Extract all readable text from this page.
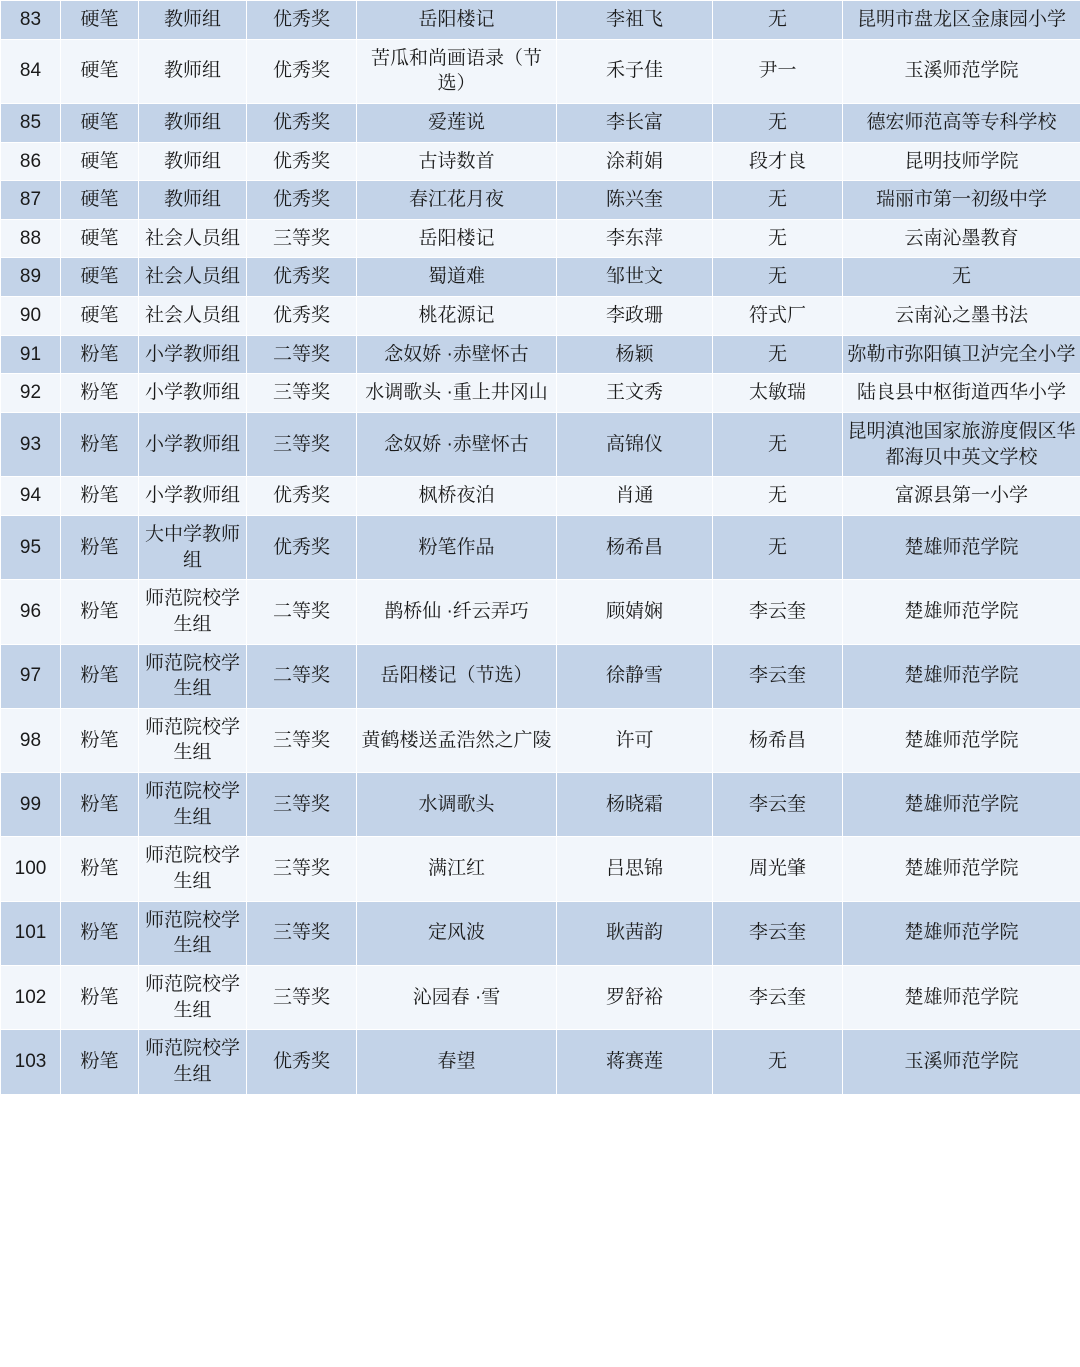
83	硬笔	教师组	优秀奖	岳阳楼记	李祖飞	无	昆明市盘龙区金康园小学
84	硬笔	教师组	优秀奖	苦瓜和尚画语录（节选）	禾子佳	尹一	玉溪师范学院
85	硬笔	教师组	优秀奖	爱莲说	李长富	无	德宏师范高等专科学校
86	硬笔	教师组	优秀奖	古诗数首	涂莉娟	段才良	昆明技师学院
87	硬笔	教师组	优秀奖	春江花月夜	陈兴奎	无	瑞丽市第一初级中学
88	硬笔	社会人员组	三等奖	岳阳楼记	李东萍	无	云南沁墨教育
89	硬笔	社会人员组	优秀奖	蜀道难	邹世文	无	无
90	硬笔	社会人员组	优秀奖	桃花源记	李政珊	符式厂	云南沁之墨书法
91	粉笔	小学教师组	二等奖	念奴娇 ·赤壁怀古	杨颖	无	弥勒市弥阳镇卫泸完全小学
92	粉笔	小学教师组	三等奖	水调歌头 ·重上井冈山	王文秀	太敏瑞	陆良县中枢街道西华小学
93	粉笔	小学教师组	三等奖	念奴娇 ·赤壁怀古	高锦仪	无	昆明滇池国家旅游度假区华都海贝中英文学校
94	粉笔	小学教师组	优秀奖	枫桥夜泊	肖通	无	富源县第一小学
95	粉笔	大中学教师组	优秀奖	粉笔作品	杨希昌	无	楚雄师范学院
96	粉笔	师范院校学生组	二等奖	鹊桥仙 ·纤云弄巧	顾婧娴	李云奎	楚雄师范学院
97	粉笔	师范院校学生组	二等奖	岳阳楼记（节选）	徐静雪	李云奎	楚雄师范学院
98	粉笔	师范院校学生组	三等奖	黄鹤楼送孟浩然之广陵	许可	杨希昌	楚雄师范学院
99	粉笔	师范院校学生组	三等奖	水调歌头	杨晓霜	李云奎	楚雄师范学院
100	粉笔	师范院校学生组	三等奖	满江红	吕思锦	周光肇	楚雄师范学院
101	粉笔	师范院校学生组	三等奖	定风波	耿茜韵	李云奎	楚雄师范学院
102	粉笔	师范院校学生组	三等奖	沁园春 ·雪	罗舒裕	李云奎	楚雄师范学院
103	粉笔	师范院校学生组	优秀奖	春望	蒋赛莲	无	玉溪师范学院
